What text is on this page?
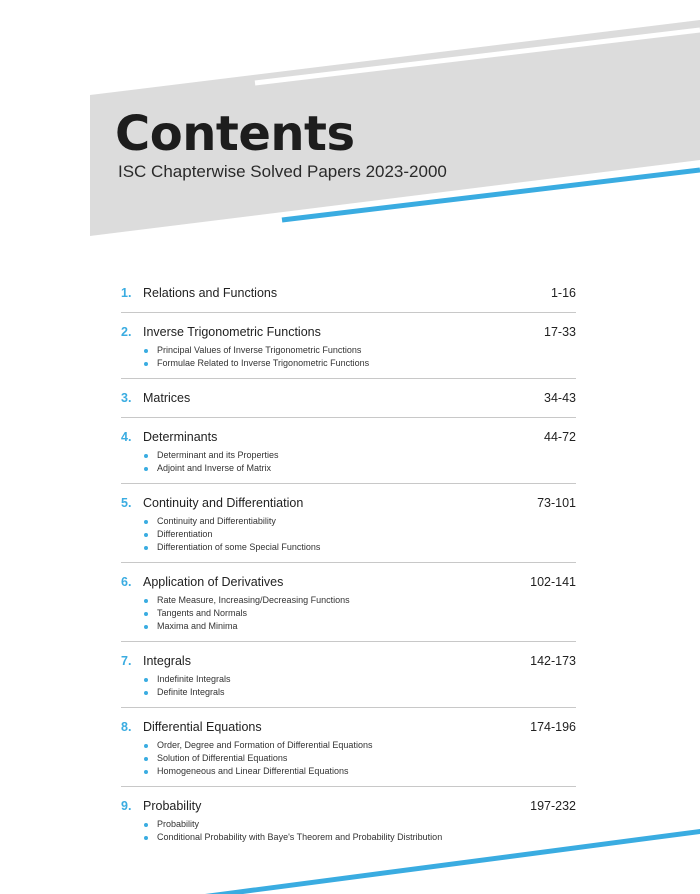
Contents

ISC Chapterwise Solved Papers 2023-2000

1. Relations and Functions	1-16
2. Inverse Trigonometric Functions	17-33
Principal Values of Inverse Trigonometric Functions
Formulae Related to Inverse Trigonometric Functions
3. Matrices	34-43
4. Determinants	44-72
Determinant and its Properties
Adjoint and Inverse of Matrix
5. Continuity and Differentiation	73-101
Continuity and Differentiability
Differentiation
Differentiation of some Special Functions
6. Application of Derivatives	102-141
Rate Measure, Increasing/Decreasing Functions
Tangents and Normals
Maxima and Minima
7. Integrals	142-173
Indefinite Integrals
Definite Integrals
8. Differential Equations	174-196
Order, Degree and Formation of Differential Equations
Solution of Differential Equations
Homogeneous and Linear Differential Equations
9. Probability	197-232
Probability
Conditional Probability with Baye's Theorem and Probability Distribution
